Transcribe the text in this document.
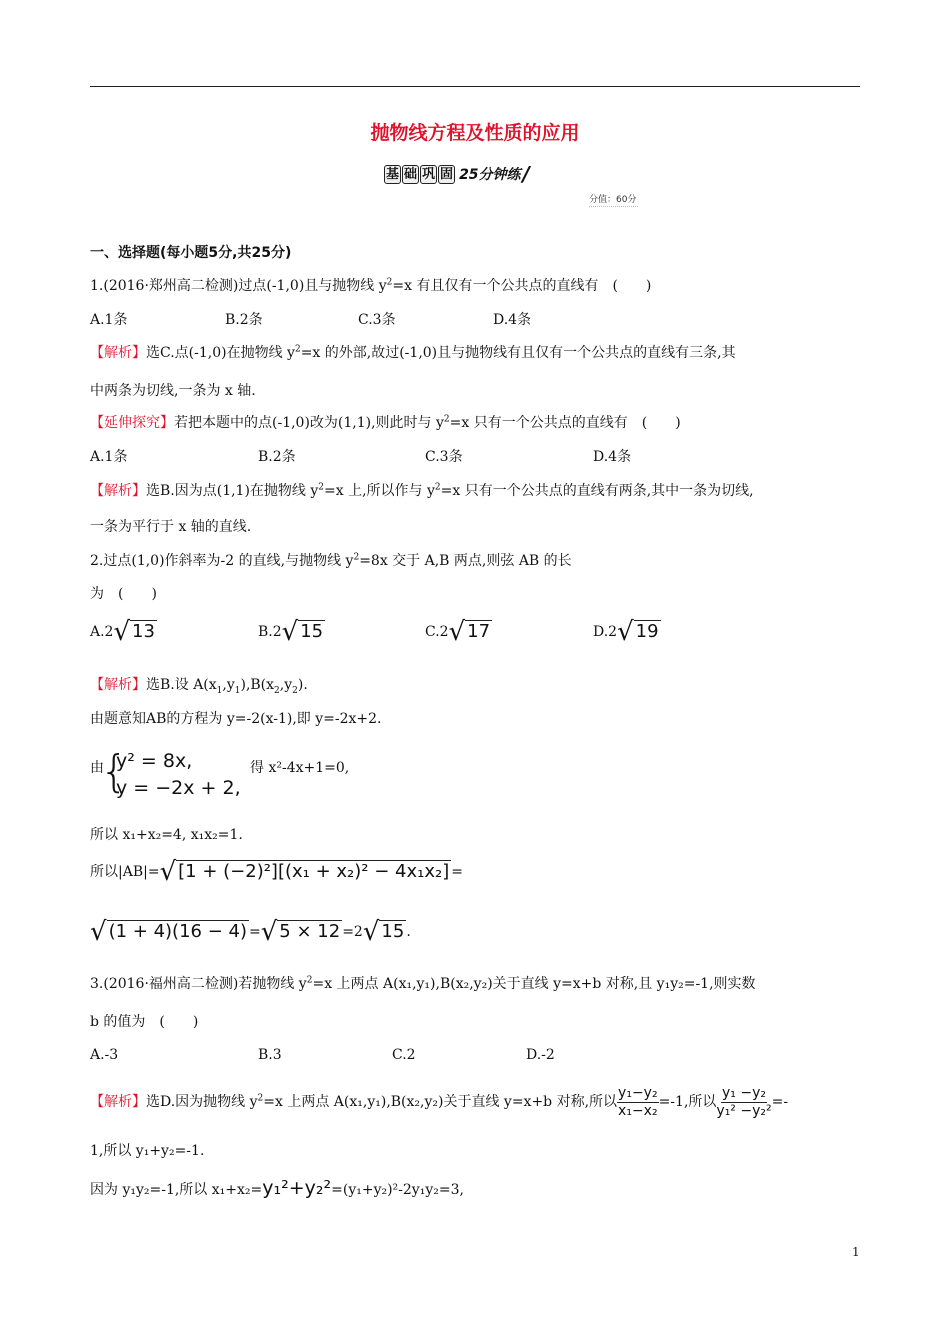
抛物线方程及性质的应用
基 础 巩 固 25分钟练 /
分值：60分
一、选择题(每小题5分,共25分)
1.(2016·郑州高二检测)过点(-1,0)且与抛物线 $y^2=x$ 有且仅有一个公共点的直线有　(　　)
A.1条	B.2条	C.3条	D.4条
【解析】选C.点(-1,0)在抛物线 $y^2=x$ 的外部,故过(-1,0)且与抛物线有且仅有一个公共点的直线有三条,其
中两条为切线,一条为 x 轴.
【延伸探究】若把本题中的点(-1,0)改为(1,1),则此时与 $y^2=x$ 只有一个公共点的直线有　(　　)
A.1条	B.2条	C.3条	D.4条
【解析】选B.因为点(1,1)在抛物线 $y^2=x$ 上,所以作与 $y^2=x$ 只有一个公共点的直线有两条,其中一条为切线,
一条为平行于 x 轴的直线.
2.过点(1,0)作斜率为-2 的直线,与抛物线 $y^2=8x$ 交于 A,B 两点,则弦 AB 的长
为　(　　)
A.2√ 13	B.2√ 15	C.2√ 17	D.2√ 19
【解析】选B.设 $A(x_1,y_1),B(x_2,y_2)$.
由题意知AB的方程为 y=-2(x-1),即 y=-2x+2.
由
{
y² = 8x,
y = −2x + 2,
得 x²-4x+1=0,
所以 x₁+x₂=4, x₁x₂=1.
所以|AB|=√ [1 + (−2)²][(x₁ + x₂)² − 4x₁x₂] =
√ (1 + 4)(16 − 4) =√ 5 × 12 =2√ 15 .
3.(2016·福州高二检测)若抛物线 $y^2=x$ 上两点 A(x₁,y₁),B(x₂,y₂)关于直线 y=x+b 对称,且 y₁y₂=-1,则实数
b 的值为　(　　)
A.-3	B.3	C.2	D.-2
【解析】选D.因为抛物线 $y^2=x$ 上两点 A(x₁,y₁),B(x₂,y₂)关于直线 y=x+b 对称,所以 $\frac{\text{y₁−y₂}}{\text{x₁−x₂}} =-1$,所以 $\frac{\text{y₁ −y₂}}{\text{y₁² −y₂²}}$ =-
1,所以 y₁+y₂=-1.
因为 y₁y₂=-1,所以 x₁+x₂=y₁²+y₂²=(y₁+y₂)²-2y₁y₂=3,
1
